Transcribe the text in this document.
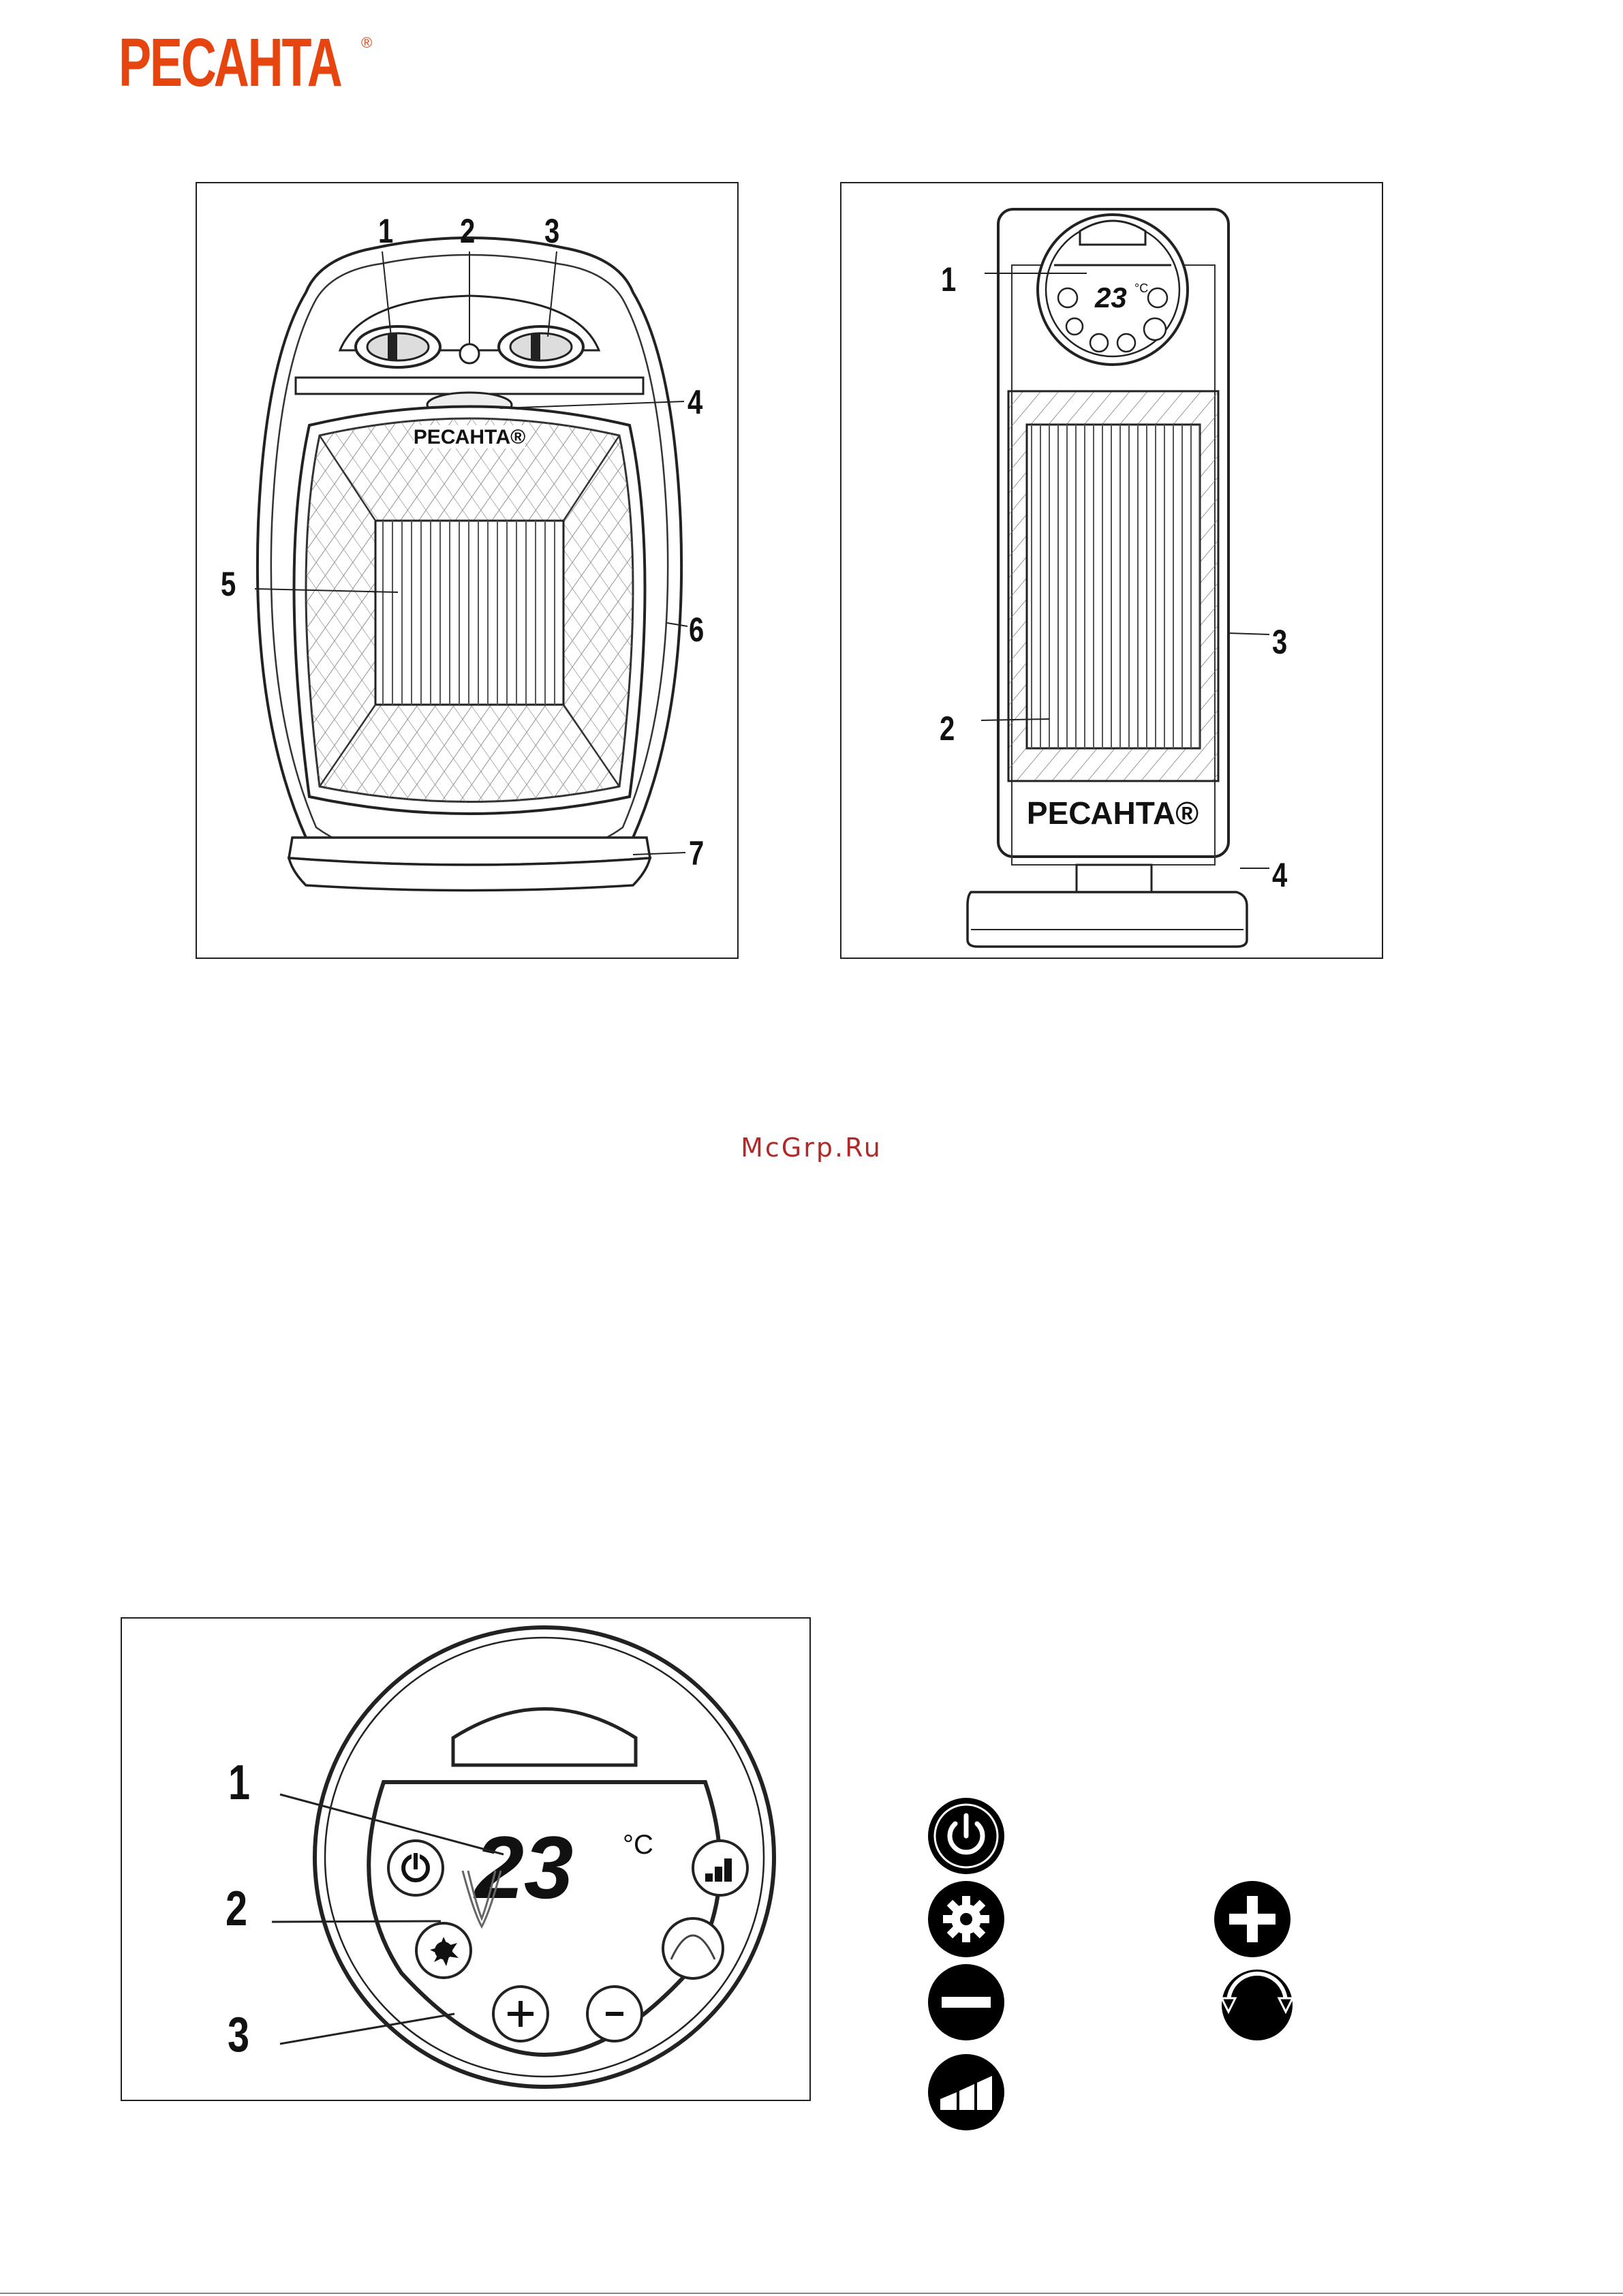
РЕСАНТА ®
РЕСАНТА®
1 2 3
4
5
6
7
23 °C
РЕСАНТА®
1
2
3
4
McGrp.Ru
23 °C
1
2
3
